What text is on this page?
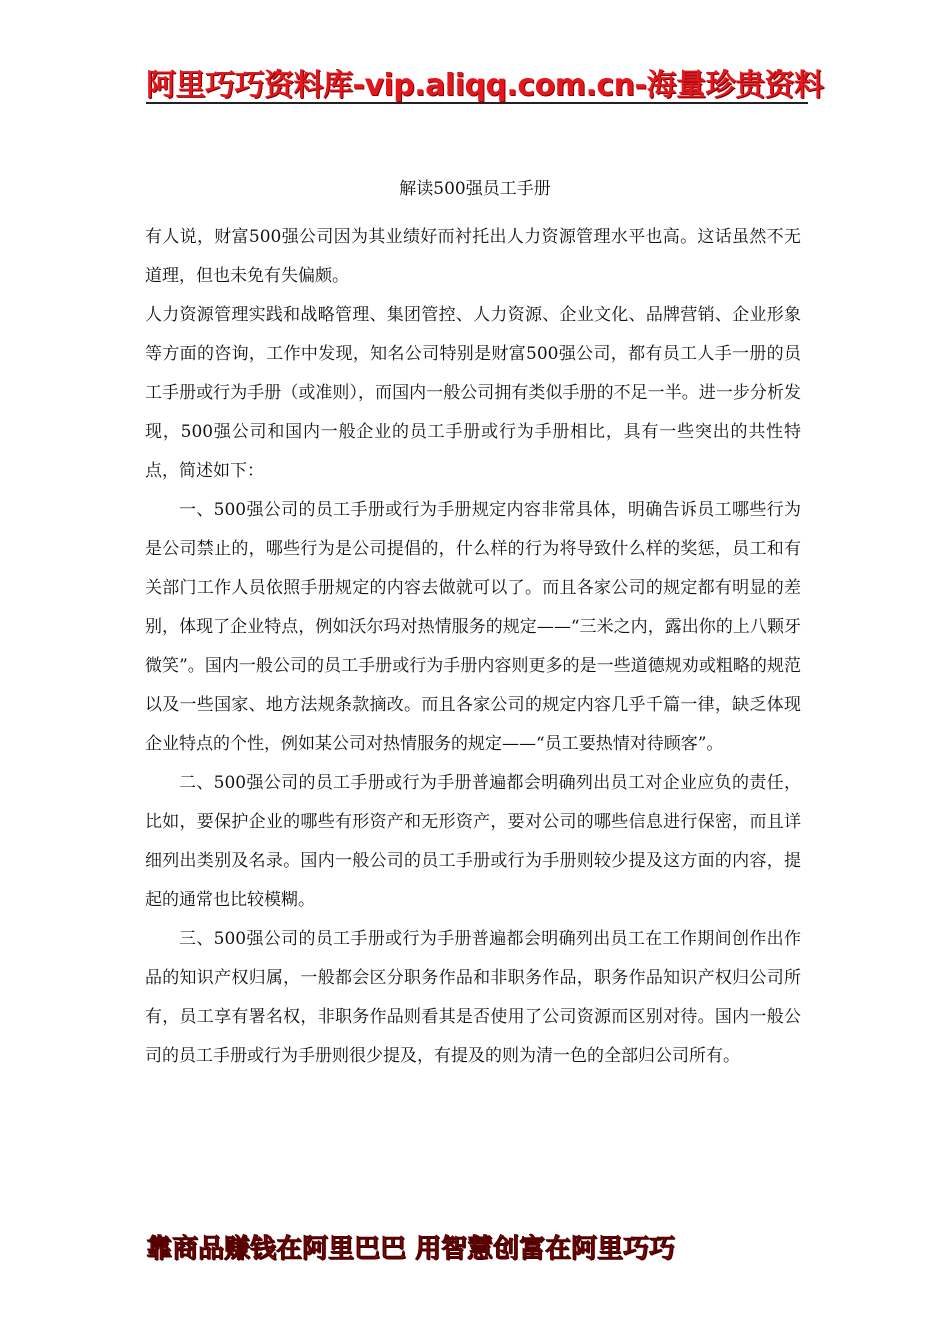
阿里巧巧资料库-vip.aliqq.com.cn-海量珍贵资料
解读500强员工手册

有人说，财富500强公司因为其业绩好而衬托出人力资源管理水平也高。这话虽然不无道理，但也未免有失偏颇。

人力资源管理实践和战略管理、集团管控、人力资源、企业文化、品牌营销、企业形象等方面的咨询，工作中发现，知名公司特别是财富500强公司，都有员工人手一册的员工手册或行为手册（或准则），而国内一般公司拥有类似手册的不足一半。进一步分析发现，500强公司和国内一般企业的员工手册或行为手册相比，具有一些突出的共性特点，简述如下：

一、500强公司的员工手册或行为手册规定内容非常具体，明确告诉员工哪些行为是公司禁止的，哪些行为是公司提倡的，什么样的行为将导致什么样的奖惩，员工和有关部门工作人员依照手册规定的内容去做就可以了。而且各家公司的规定都有明显的差别，体现了企业特点，例如沃尔玛对热情服务的规定——“三米之内，露出你的上八颗牙微笑”。国内一般公司的员工手册或行为手册内容则更多的是一些道德规劝或粗略的规范以及一些国家、地方法规条款摘改。而且各家公司的规定内容几乎千篇一律，缺乏体现企业特点的个性，例如某公司对热情服务的规定——“员工要热情对待顾客”。

二、500强公司的员工手册或行为手册普遍都会明确列出员工对企业应负的责任，比如，要保护企业的哪些有形资产和无形资产，要对公司的哪些信息进行保密，而且详细列出类别及名录。国内一般公司的员工手册或行为手册则较少提及这方面的内容，提起的通常也比较模糊。

三、500强公司的员工手册或行为手册普遍都会明确列出员工在工作期间创作出作品的知识产权归属，一般都会区分职务作品和非职务作品，职务作品知识产权归公司所有，员工享有署名权，非职务作品则看其是否使用了公司资源而区别对待。国内一般公司的员工手册或行为手册则很少提及，有提及的则为清一色的全部归公司所有。

靠商品赚钱在阿里巴巴 用智慧创富在阿里巧巧
